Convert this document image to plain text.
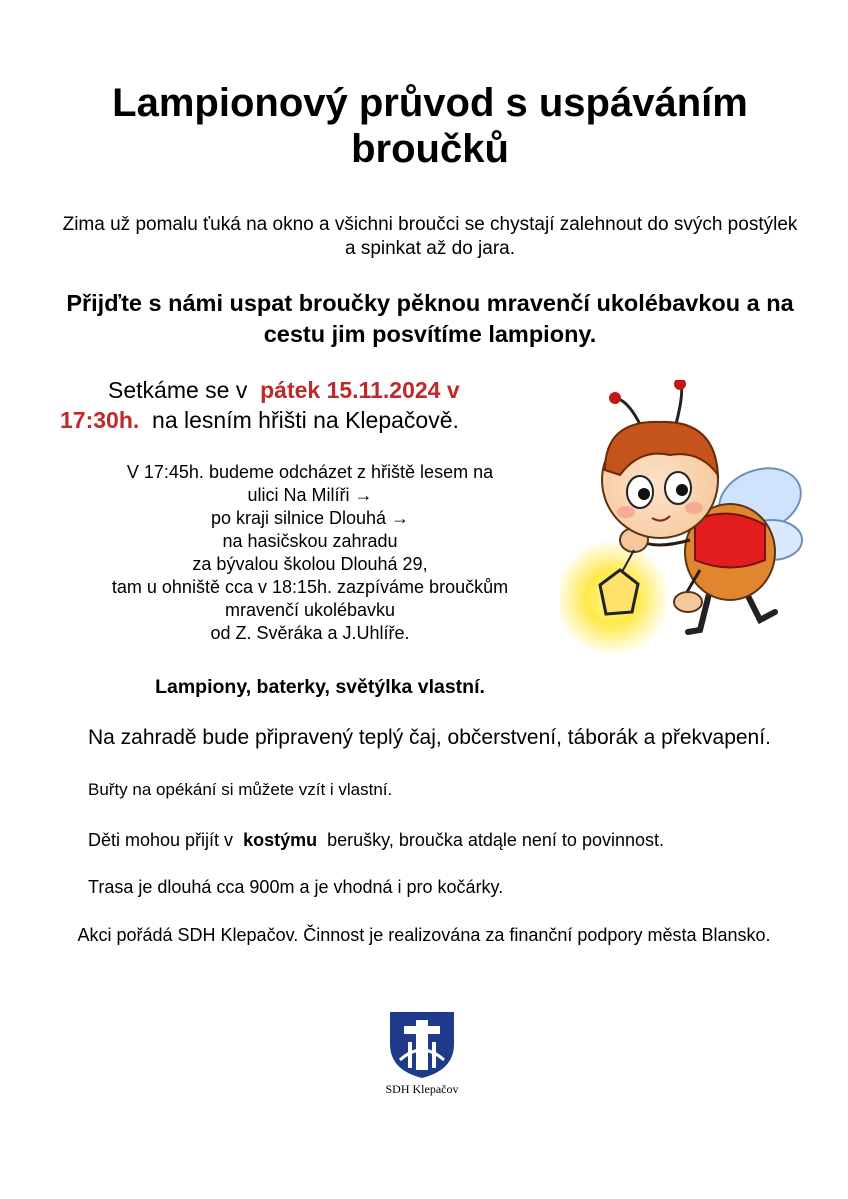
Lampionový průvod s uspáváním broučků
Zima už pomalu ťuká na okno a všichni broučci se chystají zalehnout do svých postýlek a spinkat až do jara.
Přijďte s námi uspat broučky pěknou mravenčí ukolébavkou a na cestu jim posvítíme lampiony.
Setkáme se v pátek 15.11.2024 v
17:30h. na lesním hřišti na Klepačově.
V 17:45h. budeme odcházet z hřiště lesem na
ulici Na Milíři →
po kraji silnice Dlouhá →
na hasičskou zahradu
za bývalou školou Dlouhá 29,
tam u ohniště cca v 18:15h. zazpíváme broučkům
mravenčí ukolébavku
od Z. Svěráka a J.Uhlíře.
Lampiony, baterky, světýlka vlastní.
Na zahradě bude připravený teplý čaj, občerstvení, táborák a překvapení.
Buřty na opékání si můžete vzít i vlastní.
Děti mohou přijít v kostýmu berušky, broučka atdąle není to povinnost.
Trasa je dlouhá cca 900m a je vhodná i pro kočárky.
Akci pořádá SDH Klepačov. Činnost je realizována za finanční podpory města Blansko.
SDH Klepačov
